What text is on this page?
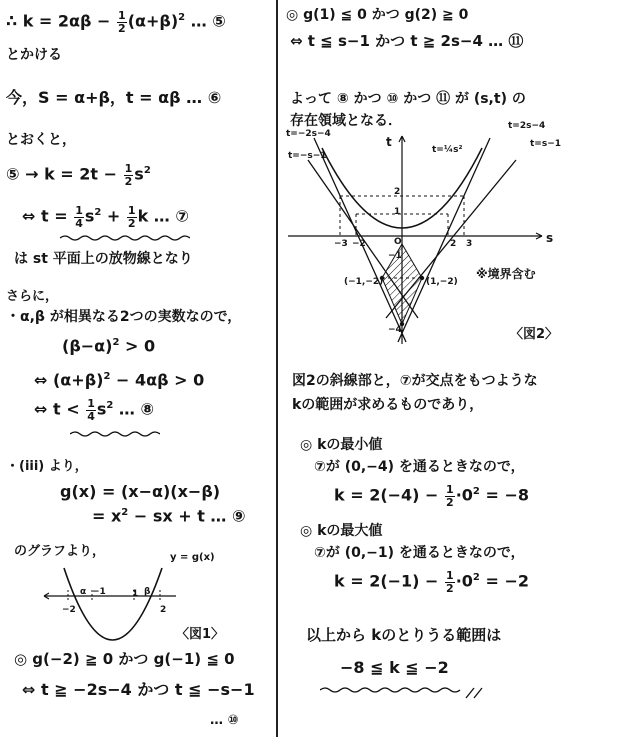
∴ $k = 2\alpha\beta - \frac{1}{2} (\alpha+\beta)^2$ … ⑤
とかける
今，S = α+β，t = αβ … ⑥
とおくと，
⑤ → $k = 2t - \frac{1}{2} s^2$
⇔ $t = \frac{1}{4} s^2 + \frac{1}{2}$ k … ⑦
は st 平面上の放物線となり
さらに，
・α,β が相異なる2つの実数なので，
$(\beta-\alpha)^2 > 0$
⇔ $(\alpha+\beta)^2 - 4\alpha\beta > 0$
⇔ $t < \frac{1}{4} s^2$ … ⑧
・(iii) より，
g(x) = (x−α)(x−β)
= $x^2$ − sx + t … ⑨
のグラフより，	y = g(x)
−2
α −1	1 β
2
〈図1〉
◎ g(−2) ≧ 0 かつ g(−1) ≦ 0
⇔ t ≧ −2s−4 かつ t ≦ −s−1
… ⑩
◎ g(1) ≦ 0 かつ g(2) ≧ 0
⇔ t ≦ s−1 かつ t ≧ 2s−4 … ⑪
よって ⑧ かつ ⑩ かつ ⑪ が (s,t) の
存在領域となる．
t=−2s−4
t=−s−1
t=2s−4
t=s−1
t=¼s²
t
s
O
−3 −2	2 3
2
1
−1
−4
(−1,−2)	(1,−2)
※境界含む
〈図2〉
図2の斜線部と，⑦が交点をもつような
kの範囲が求めるものであり，
◎ kの最小値
⑦が (0,−4) を通るときなので，
$k = 2(-4) - \frac{1}{2} \cdot 0^2 = -8$
◎ kの最大値
⑦が (0,−1) を通るときなので，
$k = 2(-1) - \frac{1}{2} \cdot 0^2 = -2$
以上から kのとりうる範囲は
−8 ≦ k ≦ −2
